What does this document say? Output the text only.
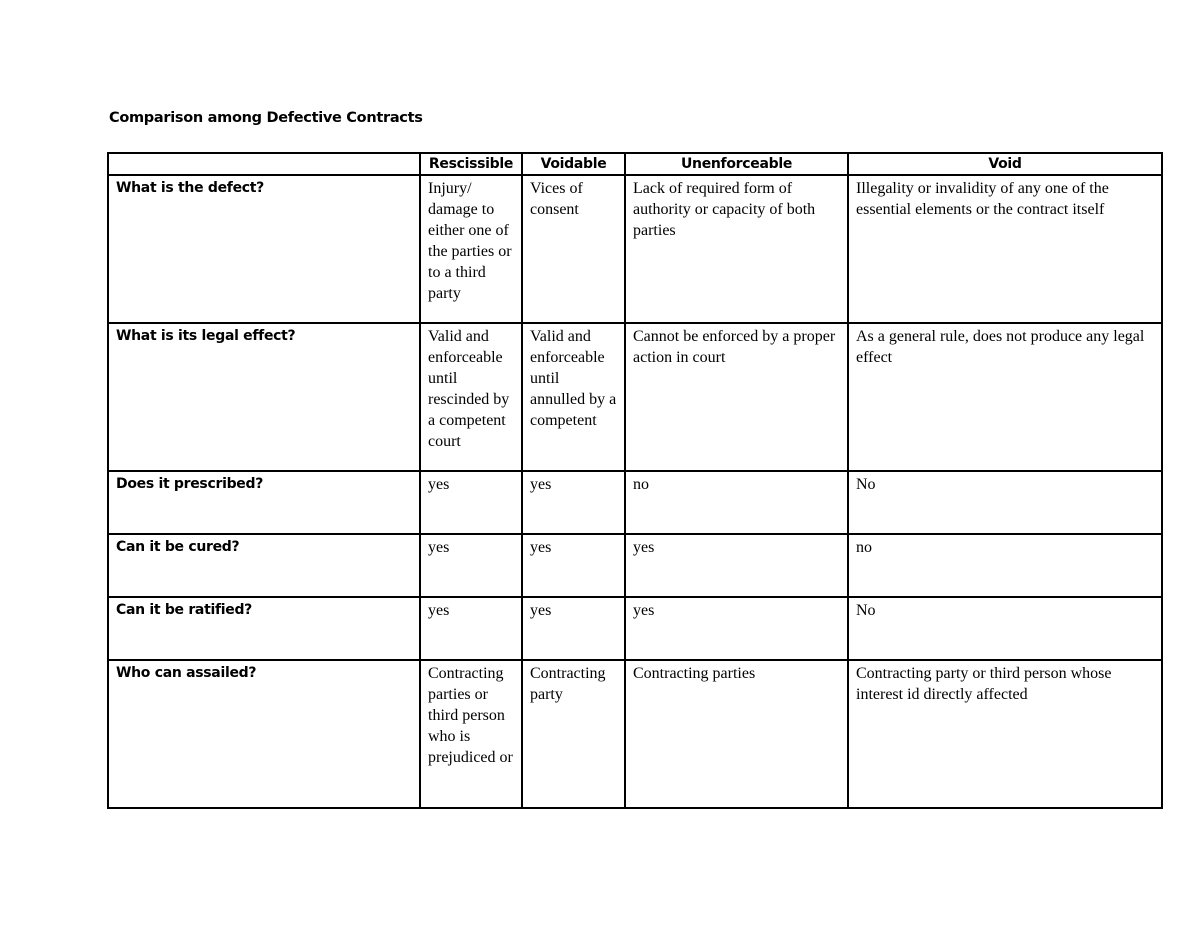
Comparison among Defective Contracts
	Rescissible	Voidable	Unenforceable	Void
What is the defect?	Injury/ damage to either one of the parties or to a third party	Vices of consent	Lack of required form of authority or capacity of both parties	Illegality or invalidity of any one of the essential elements or the contract itself
What is its legal effect?	Valid and enforceable until rescinded by a competent court	Valid and enforceable until annulled by a competent	Cannot be enforced by a proper action in court	As a general rule, does not produce any legal effect
Does it prescribed?	yes	yes	no	No
Can it be cured?	yes	yes	yes	no
Can it be ratified?	yes	yes	yes	No
Who can assailed?	Contracting parties or third person who is prejudiced or	Contracting party	Contracting parties	Contracting party or third person whose interest id directly affected
